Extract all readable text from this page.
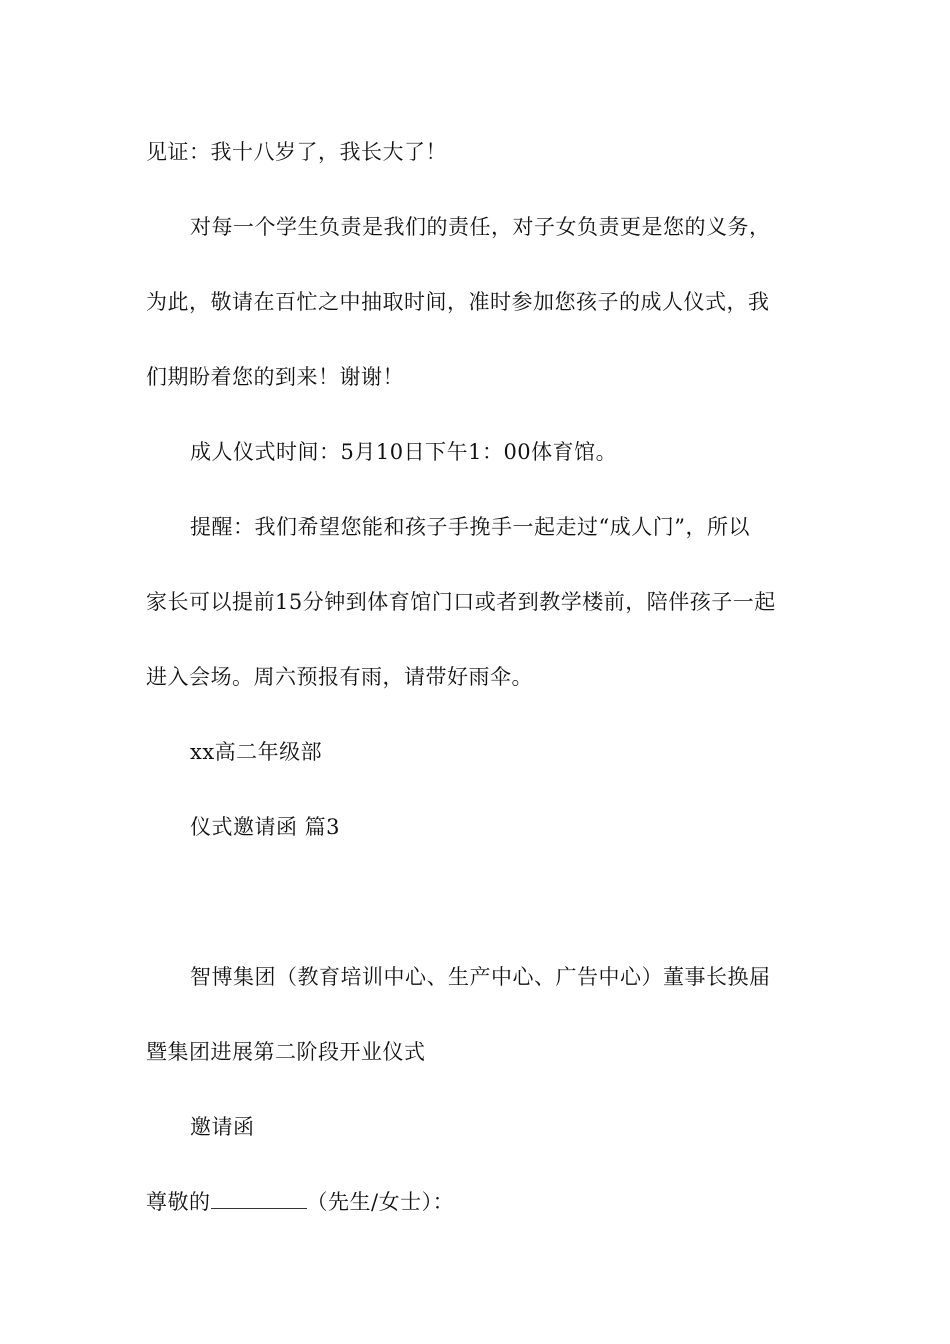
见证：我十八岁了，我长大了！
对每一个学生负责是我们的责任，对子女负责更是您的义务，
为此，敬请在百忙之中抽取时间，准时参加您孩子的成人仪式，我
们期盼着您的到来！谢谢！
成人仪式时间：5月10日下午1：00体育馆。
提醒：我们希望您能和孩子手挽手一起走过“成人门”，所以
家长可以提前15分钟到体育馆门口或者到教学楼前，陪伴孩子一起
进入会场。周六预报有雨，请带好雨伞。
xx高二年级部
仪式邀请函 篇3
智博集团（教育培训中心、生产中心、广告中心）董事长换届
暨集团进展第二阶段开业仪式
邀请函
尊敬的	（先生/女士）：
